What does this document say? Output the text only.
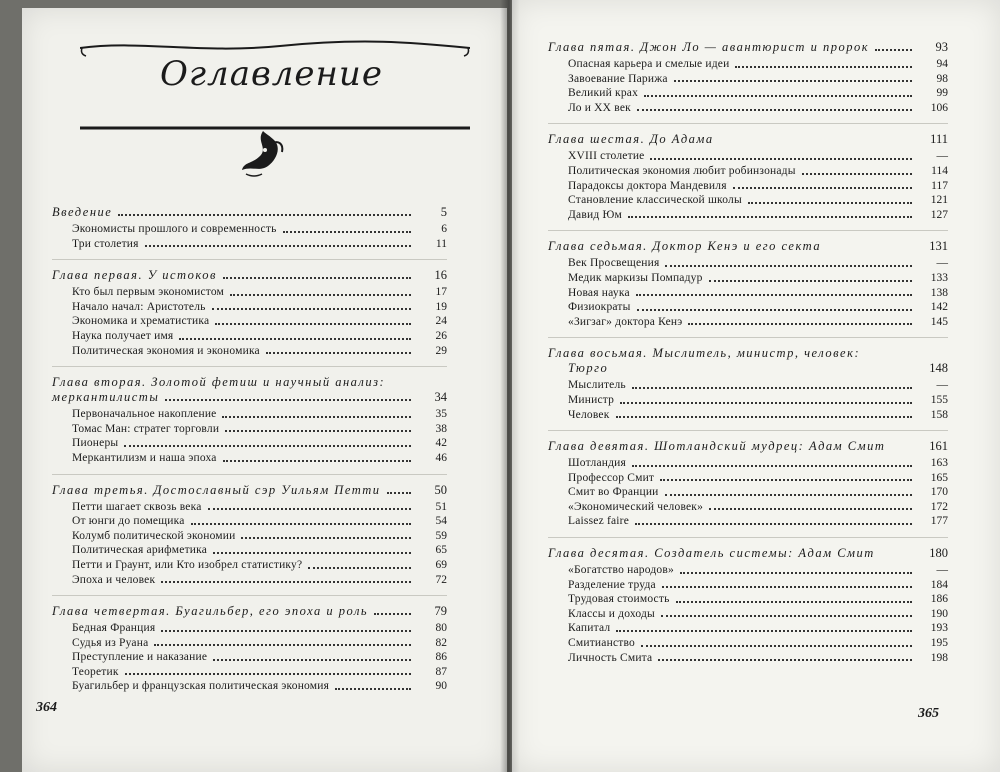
Оглавление
Введение	5
Экономисты прошлого и современность	6
Три столетия	11
Глава первая. У истоков	16
Кто был первым экономистом	17
Начало начал: Аристотель	19
Экономика и хрематистика	24
Наука получает имя	26
Политическая экономия и экономика	29
Глава вторая. Золотой фетиш и научный анализ:
меркантилисты	34
Первоначальное накопление	35
Томас Ман: стратег торговли	38
Пионеры	42
Меркантилизм и наша эпоха	46
Глава третья. Достославный сэр Уильям Петти	50
Петти шагает сквозь века	51
От юнги до помещика	54
Колумб политической экономии	59
Политическая арифметика	65
Петти и Граунт, или Кто изобрел статистику?	69
Эпоха и человек	72
Глава четвертая. Буагильбер, его эпоха и роль	79
Бедная Франция	80
Судья из Руана	82
Преступление и наказание	86
Теоретик	87
Буагильбер и французская политическая экономия	90
Глава пятая. Джон Ло — авантюрист и пророк	93
Опасная карьера и смелые идеи	94
Завоевание Парижа	98
Великий крах	99
Ло и XX век	106
Глава шестая. До Адама	111
XVIII столетие	—
Политическая экономия любит робинзонады	114
Парадоксы доктора Мандевиля	117
Становление классической школы	121
Давид Юм	127
Глава седьмая. Доктор Кенэ и его секта	131
Век Просвещения	—
Медик маркизы Помпадур	133
Новая наука	138
Физиократы	142
«Зигзаг» доктора Кенэ	145
Глава восьмая. Мыслитель, министр, человек:
Тюрго	148
Мыслитель	—
Министр	155
Человек	158
Глава девятая. Шотландский мудрец: Адам Смит	161
Шотландия	163
Профессор Смит	165
Смит во Франции	170
«Экономический человек»	172
Laissez faire	177
Глава десятая. Создатель системы: Адам Смит	180
«Богатство народов»	—
Разделение труда	184
Трудовая стоимость	186
Классы и доходы	190
Капитал	193
Смитианство	195
Личность Смита	198
364	365
